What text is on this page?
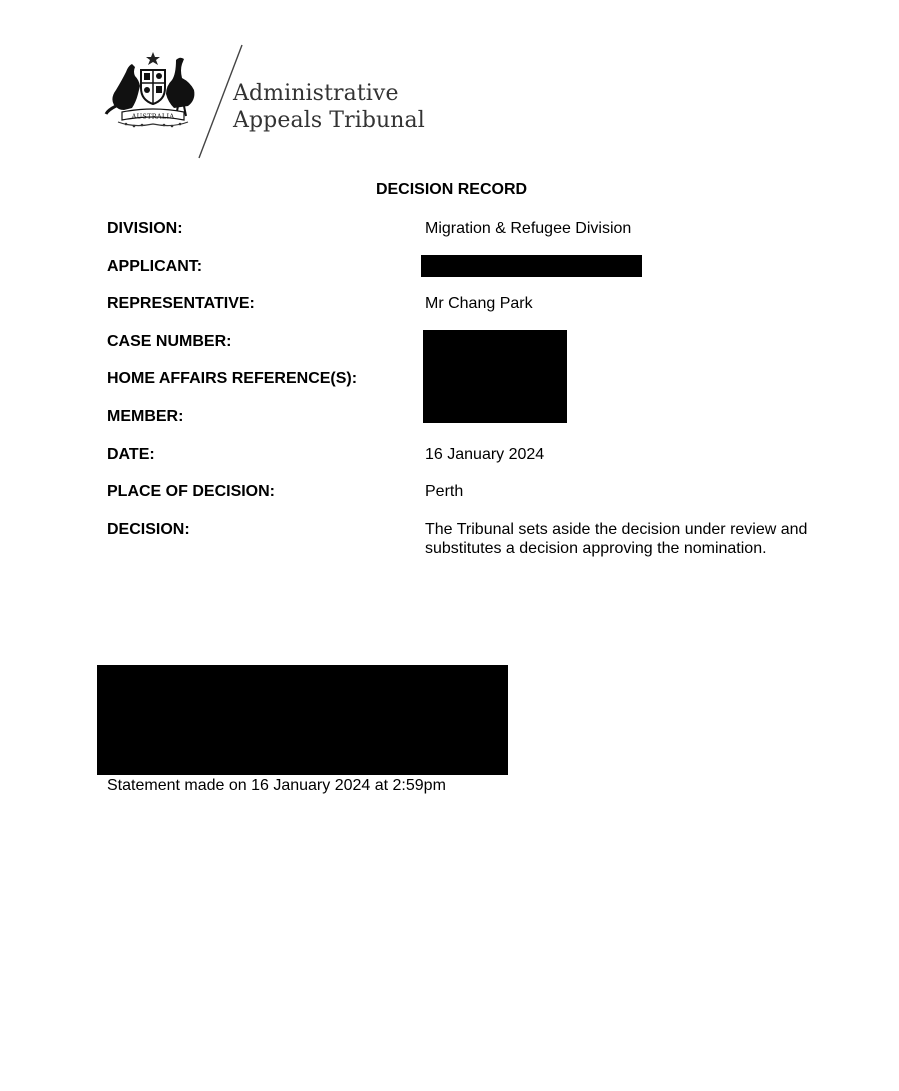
AUSTRALIA
Administrative
Appeals Tribunal
DECISION RECORD
DIVISION:	Migration & Refugee Division
APPLICANT:
REPRESENTATIVE:	Mr Chang Park
CASE NUMBER:
HOME AFFAIRS REFERENCE(S):
MEMBER:
DATE:	16 January 2024
PLACE OF DECISION:	Perth
DECISION:	The Tribunal sets aside the decision under review and substitutes a decision approving the nomination.
Statement made on 16 January 2024 at 2:59pm
